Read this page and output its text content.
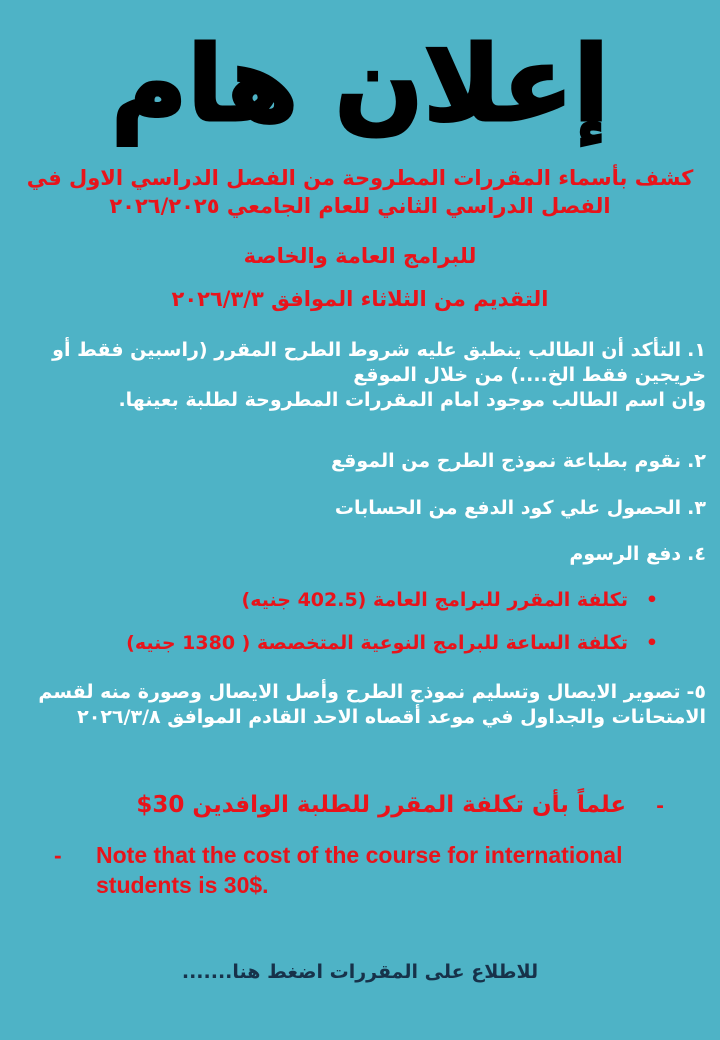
إعلان هام
كشف بأسماء المقررات المطروحة من الفصل الدراسي الاول في الفصل الدراسي الثاني للعام الجامعي ٢٠٢٦/٢٠٢٥
للبرامج العامة والخاصة
التقديم من الثلاثاء الموافق ٢٠٢٦/٣/٣
١.التأكد أن الطالب ينطبق عليه شروط الطرح المقرر (راسبين فقط أو خريجين فقط الخ....) من خلال الموقع
وان اسم الطالب موجود امام المقررات المطروحة لطلبة بعينها.
٢.نقوم بطباعة نموذج الطرح من الموقع
٣.الحصول علي كود الدفع من الحسابات
٤.دفع الرسوم
•
تكلفة المقرر للبرامج العامة (402.5 جنيه)
•
تكلفة الساعة للبرامج النوعية المتخصصة ( 1380 جنيه)
٥-تصوير الايصال وتسليم نموذج الطرح وأصل الايصال وصورة منه لقسم الامتحانات والجداول في موعد أقصاه الاحد القادم الموافق ٢٠٢٦/٣/٨
-علماً بأن تكلفة المقرر للطلبة الوافدين 30$
- Note that the cost of the course for international students is 30$.
للاطلاع على المقررات اضغط هنا.......
